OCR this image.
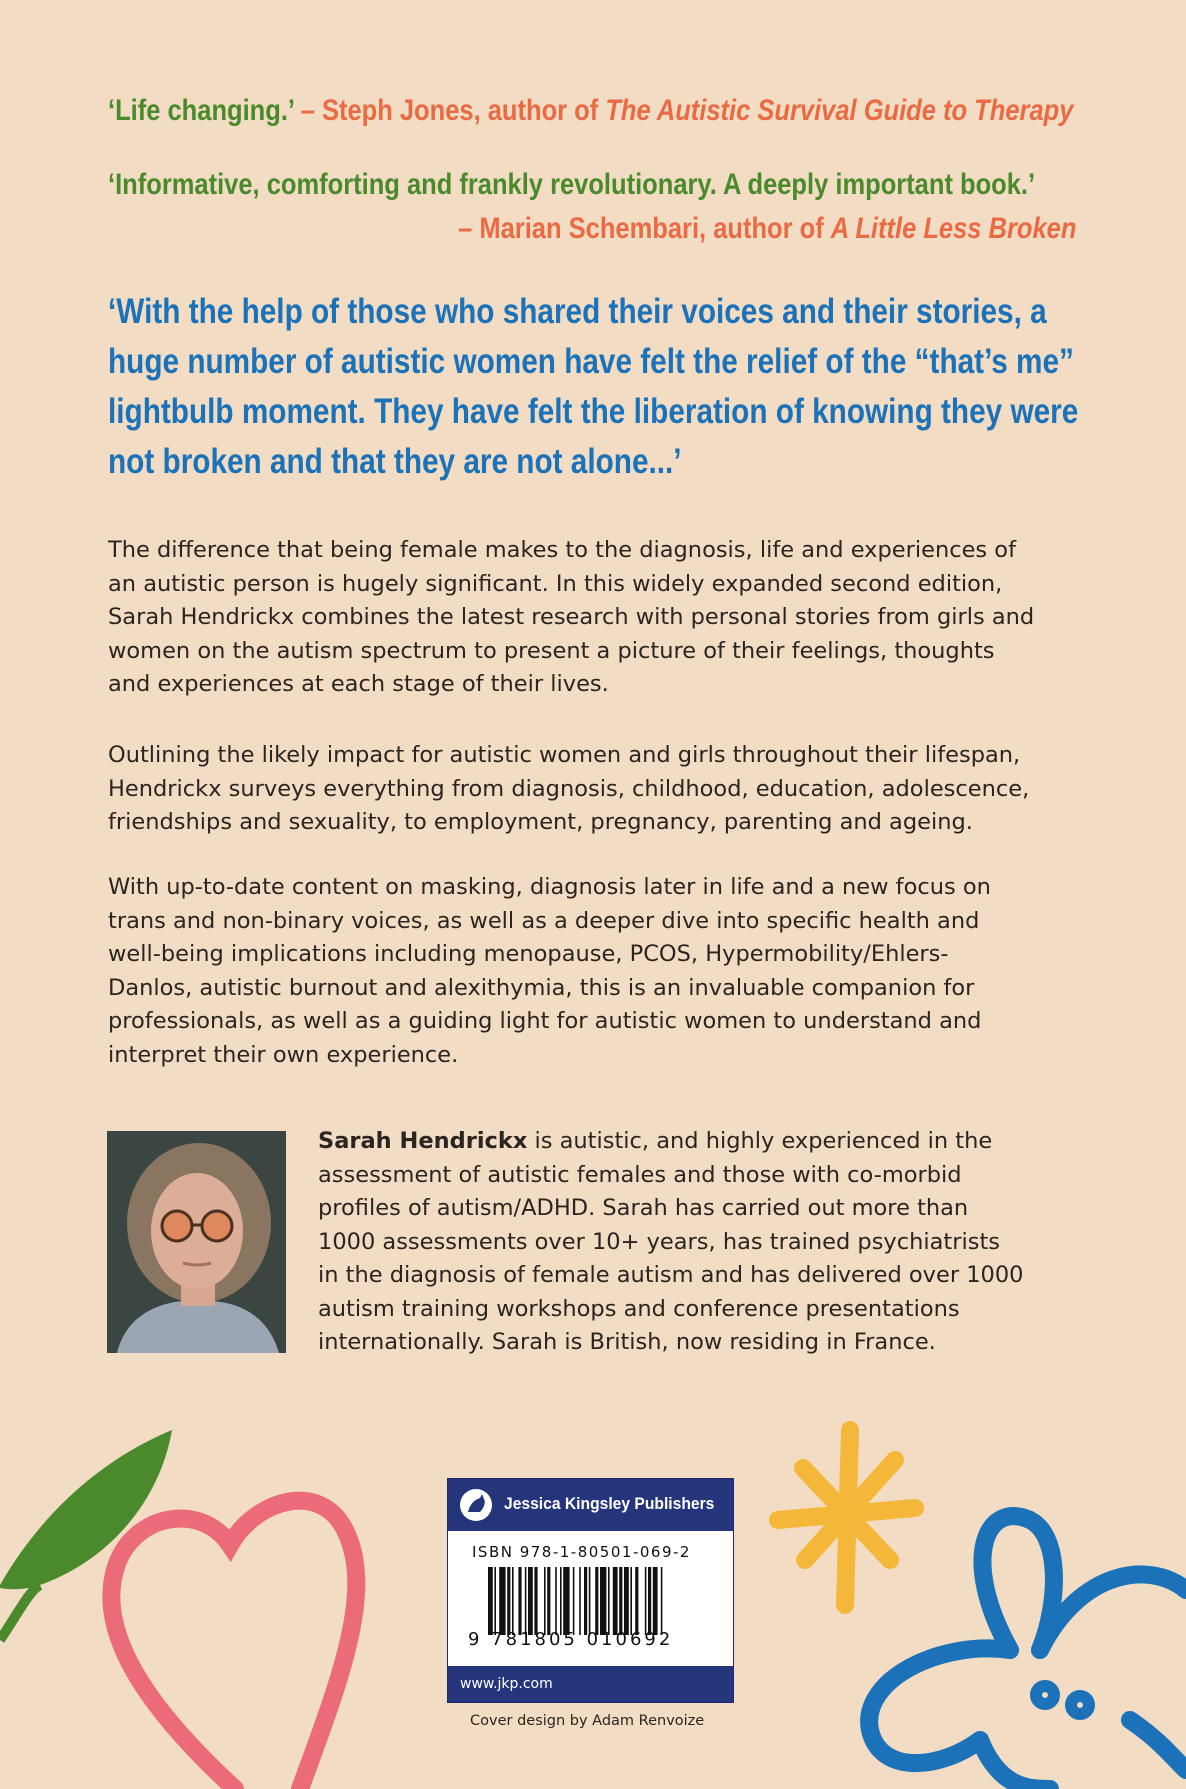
‘Life changing.’ – Steph Jones, author of The Autistic Survival Guide to Therapy

‘Informative, comforting and frankly revolutionary. A deeply important book.’

– Marian Schembari, author of A Little Less Broken

‘With the help of those who shared their voices and their stories, a
huge number of autistic women have felt the relief of the “that’s me”
lightbulb moment. They have felt the liberation of knowing they were
not broken and that they are not alone...’
The difference that being female makes to the diagnosis, life and experiences of
an autistic person is hugely significant. In this widely expanded second edition,
Sarah Hendrickx combines the latest research with personal stories from girls and
women on the autism spectrum to present a picture of their feelings, thoughts
and experiences at each stage of their lives.
Outlining the likely impact for autistic women and girls throughout their lifespan,
Hendrickx surveys everything from diagnosis, childhood, education, adolescence,
friendships and sexuality, to employment, pregnancy, parenting and ageing.
With up-to-date content on masking, diagnosis later in life and a new focus on
trans and non-binary voices, as well as a deeper dive into specific health and
well-being implications including menopause, PCOS, Hypermobility/Ehlers-
Danlos, autistic burnout and alexithymia, this is an invaluable companion for
professionals, as well as a guiding light for autistic women to understand and
interpret their own experience.
Sarah Hendrickx is autistic, and highly experienced in the
assessment of autistic females and those with co-morbid
profiles of autism/ADHD. Sarah has carried out more than
1000 assessments over 10+ years, has trained psychiatrists
in the diagnosis of female autism and has delivered over 1000
autism training workshops and conference presentations
internationally. Sarah is British, now residing in France.
Jessica Kingsley Publishers
ISBN 978-1-80501-069-2
9 781805 010692
www.jkp.com
Cover design by Adam Renvoize
